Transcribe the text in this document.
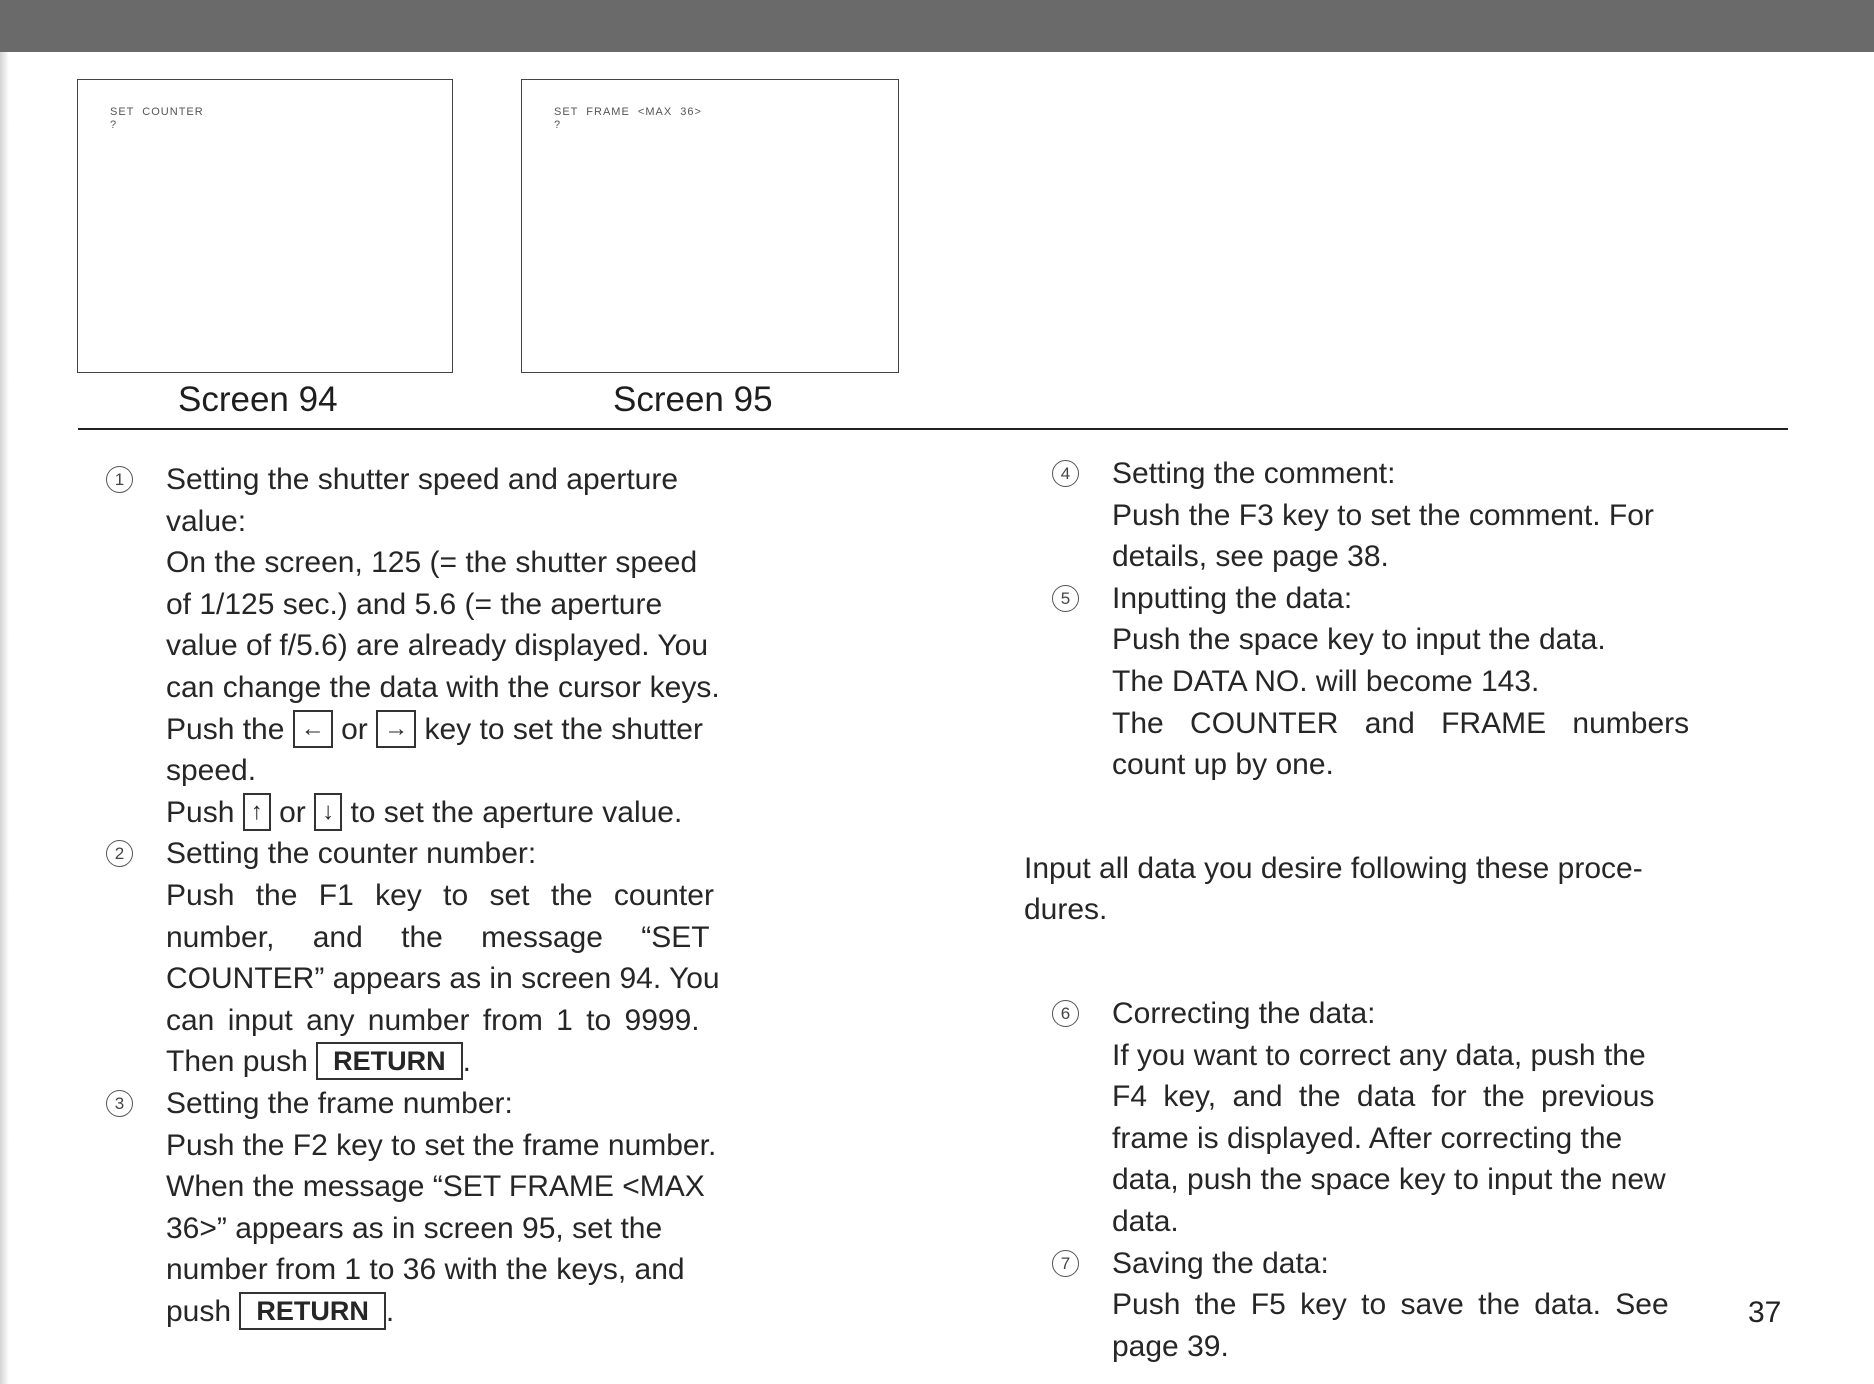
SET  COUNTER
?
SET  FRAME  <MAX  36>
?
Screen 94	Screen 95
1 Setting the shutter speed and aperture
value:
On the screen, 125 (= the shutter speed
of 1/125 sec.) and 5.6 (= the aperture
value of f/5.6) are already displayed. You
can change the data with the cursor keys.
Push the ← or → key to set the shutter
speed.
Push ↑ or ↓ to set the aperture value.
2 Setting the counter number:
Push the F1 key to set the counter
number, and the message “SET
COUNTER” appears as in screen 94. You
can input any number from 1 to 9999.
Then push RETURN .
3 Setting the frame number:
Push the F2 key to set the frame number.
When the message “SET FRAME <MAX
36>” appears as in screen 95, set the
number from 1 to 36 with the keys, and
push RETURN .
4 Setting the comment:
Push the F3 key to set the comment. For
details, see page 38.
5 Inputting the data:
Push the space key to input the data.
The DATA NO. will become 143.
The COUNTER and FRAME numbers
count up by one.
Input all data you desire following these proce-
dures.
6 Correcting the data:
If you want to correct any data, push the
F4 key, and the data for the previous
frame is displayed. After correcting the
data, push the space key to input the new
data.
7 Saving the data:
Push the F5 key to save the data. See
page 39.
37
